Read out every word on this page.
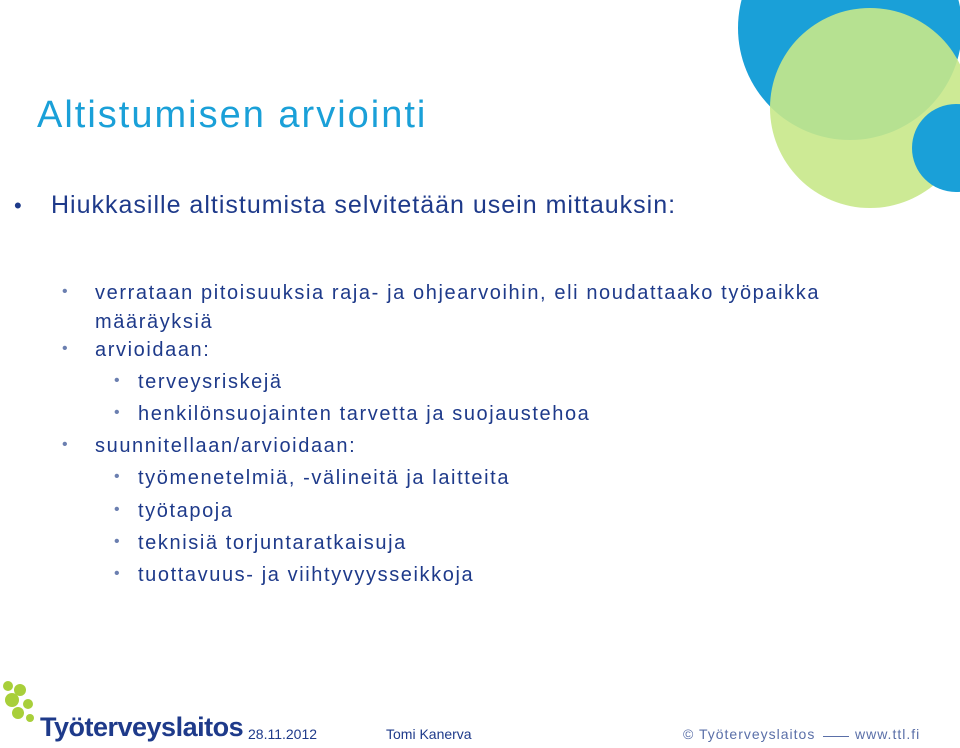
Altistumisen arviointi
• Hiukkasille altistumista selvitetään usein mittauksin:
• verrataan pitoisuuksia raja- ja ohjearvoihin, eli noudattaako työpaikka määräyksiä
• arvioidaan:
• terveysriskejä
• henkilönsuojainten tarvetta ja suojaustehoa
• suunnitellaan/arvioidaan:
• työmenetelmiä, -välineitä ja laitteita
• työtapoja
• teknisiä torjuntaratkaisuja
• tuottavuus- ja viihtyvyysseikkoja
Työterveyslaitos 28.11.2012	Tomi Kanerva	© Työterveyslaitos	www.ttl.fi
